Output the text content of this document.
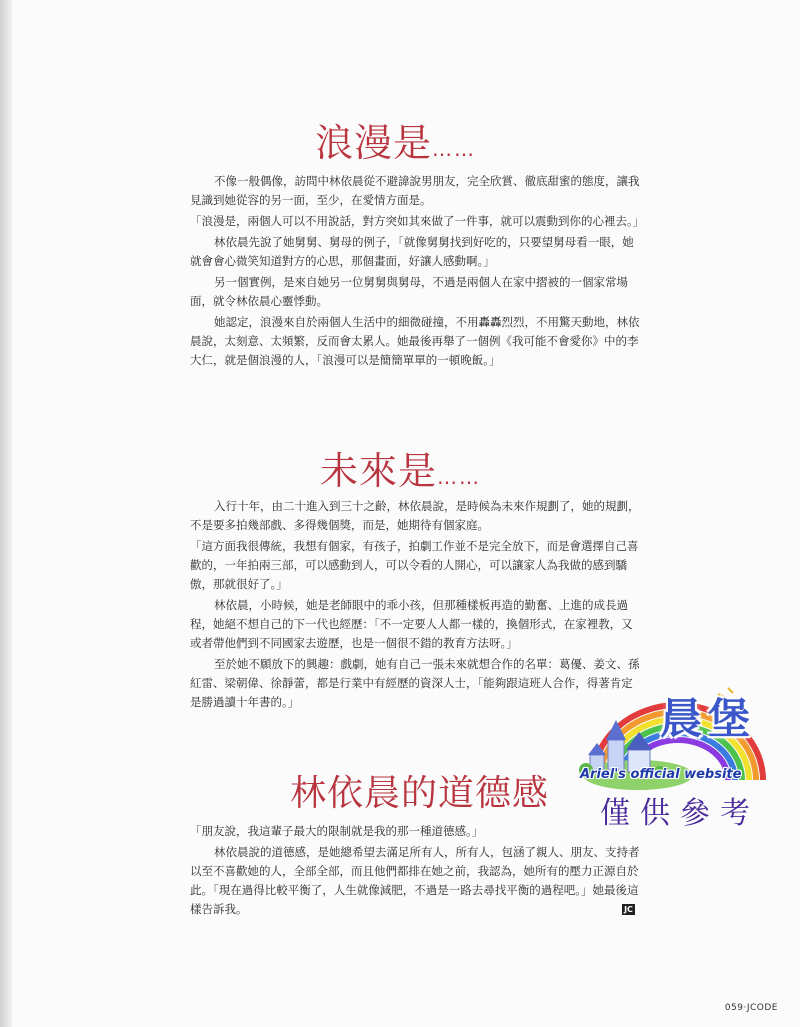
浪漫是……

不像一般偶像，訪問中林依晨從不避諱說男朋友，完全欣賞、徹底甜蜜的態度，讓我見識到她從容的另一面，至少，在愛情方面是。

「浪漫是，兩個人可以不用說話，對方突如其來做了一件事，就可以震動到你的心裡去。」

林依晨先說了她舅舅、舅母的例子，「就像舅舅找到好吃的，只要望舅母看一眼，她就會會心微笑知道對方的心思，那個畫面，好讓人感動啊。」

另一個實例，是來自她另一位舅舅與舅母，不過是兩個人在家中摺被的一個家常場面，就令林依晨心靈悸動。

她認定，浪漫來自於兩個人生活中的細微碰撞，不用轟轟烈烈，不用驚天動地，林依晨說，太刻意、太頻繁，反而會太累人。她最後再舉了一個例《我可能不會愛你》中的李大仁，就是個浪漫的人，「浪漫可以是簡簡單單的一頓晚飯。」

未來是……

入行十年，由二十進入到三十之齡，林依晨說，是時候為未來作規劃了，她的規劃，不是要多拍幾部戲、多得幾個獎，而是，她期待有個家庭。

「這方面我很傳統，我想有個家，有孩子，拍劇工作並不是完全放下，而是會選擇自己喜歡的，一年拍兩三部，可以感動到人，可以令看的人開心，可以讓家人為我做的感到驕傲，那就很好了。」

林依晨，小時候，她是老師眼中的乖小孩，但那種樣板再造的勤奮、上進的成長過程，她絕不想自己的下一代也經歷：「不一定要人人都一樣的，換個形式，在家裡教，又或者帶他們到不同國家去遊歷，也是一個很不錯的教育方法呀。」

至於她不願放下的興趣：戲劇，她有自己一張未來就想合作的名單：葛優、姜文、孫紅雷、梁朝偉、徐靜蕾，都是行業中有經歷的資深人士，「能夠跟這班人合作，得著肯定是勝過讀十年書的。」

林依晨的道德感

「朋友說，我這輩子最大的限制就是我的那一種道德感。」

林依晨說的道德感，是她總希望去滿足所有人，所有人，包涵了親人、朋友、支持者以至不喜歡她的人，全部全部，而且他們都排在她之前，我認為，她所有的壓力正源自於此。「現在過得比較平衡了，人生就像減肥，不過是一路去尋找平衡的過程吧。」她最後這樣告訴我。	JC
059·JCODE
晨堡
Ariel's official website
僅供參考
